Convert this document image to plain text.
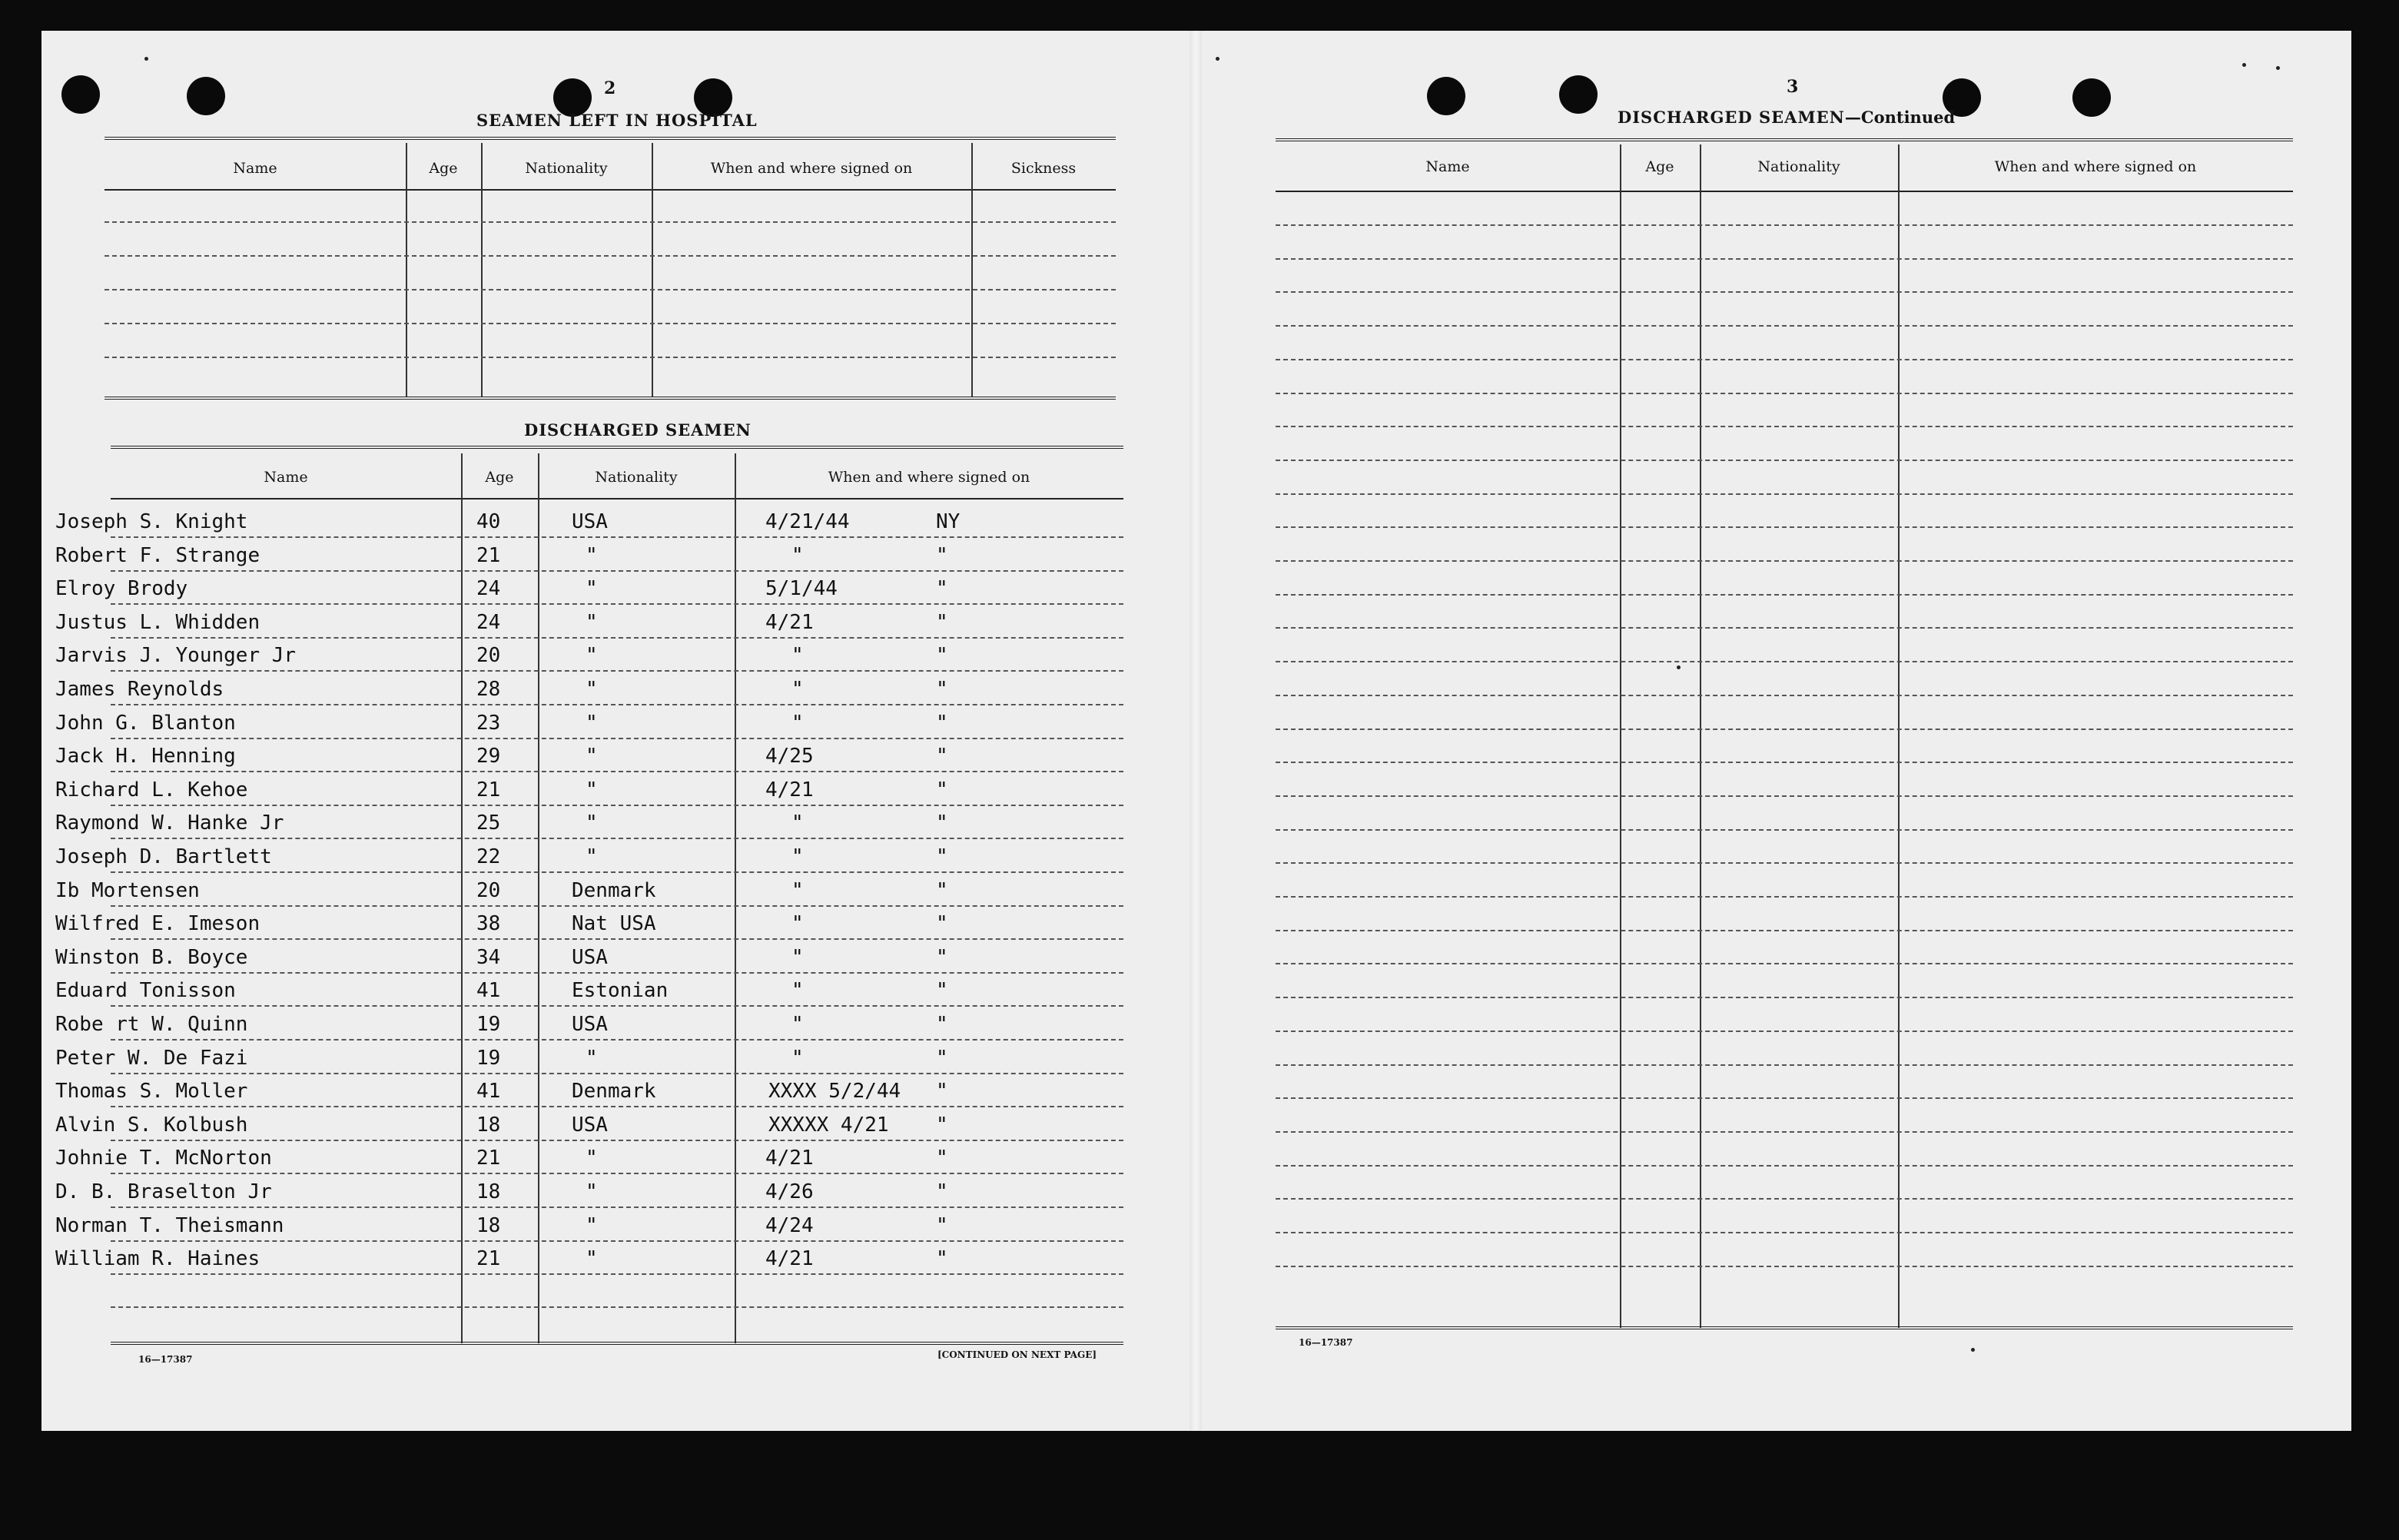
2
SEAMEN LEFT IN HOSPITAL
Name	Age	Nationality	When and where signed on	Sickness
DISCHARGED SEAMEN
Name	Age	Nationality	When and where signed on
Joseph S. Knight	40	USA	4/21/44	NY
Robert F. Strange	21	"	"	"
Elroy Brody	24	"	5/1/44	"
Justus L. Whidden	24	"	4/21	"
Jarvis J. Younger Jr	20	"	"	"
James Reynolds	28	"	"	"
John G. Blanton	23	"	"	"
Jack H. Henning	29	"	4/25	"
Richard L. Kehoe	21	"	4/21	"
Raymond W. Hanke Jr	25	"	"	"
Joseph D. Bartlett	22	"	"	"
Ib Mortensen	20	Denmark	"	"
Wilfred E. Imeson	38	Nat USA	"	"
Winston B. Boyce	34	USA	"	"
Eduard Tonisson	41	Estonian	"	"
Robe rt W. Quinn	19	USA	"	"
Peter W. De Fazi	19	"	"	"
Thomas S. Moller	41	Denmark	XXXX 5/2/44 "
Alvin S. Kolbush	18	USA	XXXXX 4/21 "
Johnie T. McNorton	21	"	4/21	"
D. B. Braselton Jr	18	"	4/26	"
Norman T. Theismann	18	"	4/24	"
William R. Haines	21	"	4/21	"
16—17387	[CONTINUED ON NEXT PAGE]
3
DISCHARGED SEAMEN—Continued
Name	Age	Nationality	When and where signed on
16—17387
